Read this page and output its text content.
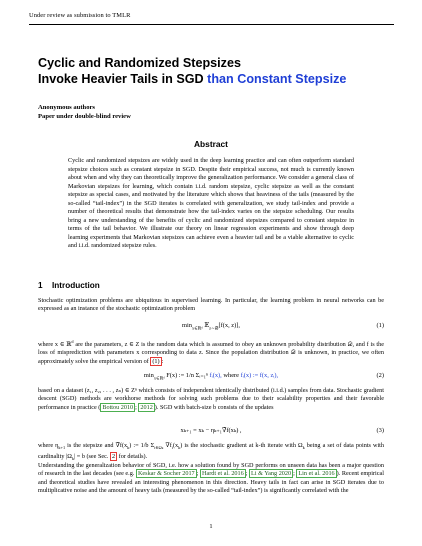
Under review as submission to TMLR
Cyclic and Randomized Stepsizes
Invoke Heavier Tails in SGD than Constant Stepsize
Anonymous authors
Paper under double-blind review
Abstract
Cyclic and randomized stepsizes are widely used in the deep learning practice and can often outperform standard stepsize choices such as constant stepsize in SGD. Despite their empirical success, not much is currently known about when and why they can theoretically improve the generalization performance. We consider a general class of Markovian stepsizes for learning, which contain i.i.d. random stepsize, cyclic stepsize as well as the constant stepsize as special cases, and motivated by the literature which shows that heaviness of the tails (measured by the so-called “tail-index”) in the SGD iterates is correlated with generalization, we study tail-index and provide a number of theoretical results that demonstrate how the tail-index varies on the stepsize scheduling. Our results bring a new understanding of the benefits of cyclic and randomized stepsizes compared to constant stepsize in terms of the tail behavior. We illustrate our theory on linear regression experiments and show through deep learning experiments that Markovian stepsizes can achieve even a heavier tail and be a viable alternative to cyclic and i.i.d. randomized stepsize rules.
1 Introduction
Stochastic optimization problems are ubiquitous in supervised learning. In particular, the learning problem in neural networks can be expressed as an instance of the stochastic optimization problem
$\min_{x\in ℝᵈ}$ 𝔼$_{z\sim 𝒟}$[f(x, z)],	(1)
where x ∈ ℝ$^d$ are the parameters, z ∈ Z is the random data which is assumed to obey an unknown probability distribution 𝒟, and f is the loss of misprediction with parameters x corresponding to data z. Since the population distribution 𝒟 is unknown, in practice, we often approximately solve the empirical version of (1) :
$\min_{x\in ℝᵈ} F(x)$ := 1/n Σᵢ₌₁ⁿ fᵢ(x), where fᵢ(x) := f(x, zᵢ),	(2)
based on a dataset (z₁, z₂, . . . , zₙ) ∈ Zⁿ which consists of independent identically distributed (i.i.d.) samples from data. Stochastic gradient descent (SGD) methods are workhorse methods for solving such problems due to their scalability properties and their favorable performance in practice ( Bottou 2010 ; 2012 ). SGD with batch-size b consists of the updates
xₖ₊₁ = xₖ − ηₖ₊₁∇̃f(xₖ) ,	(3)
where $\eta_{k+1}$ is the stepsize and $\nablãf(x_k)$ := 1/b $\Sigma_{i\in\Omega_k}$ $\nabla f_i(x_k)$ is the stochastic gradient at k-th iterate with $\Omega_k$ being a set of data points with cardinality $|\Omega_k| = b$ (see Sec. 2 for details).
Understanding the generalization behavior of SGD, i.e. how a solution found by SGD performs on unseen data has been a major question of research in the last decades (see e.g. Keskar & Socher 2017 ; Hardt et al. 2016 ; Li & Yang 2020 ; Lin et al. 2016 ). Recent empirical and theoretical studies have revealed an interesting phenomenon in this direction. Heavy tails in fact can arise in SGD iterates due to multiplicative noise and the amount of heavy tails (measured by the so-called “tail-index”) is significantly correlated with the
1
